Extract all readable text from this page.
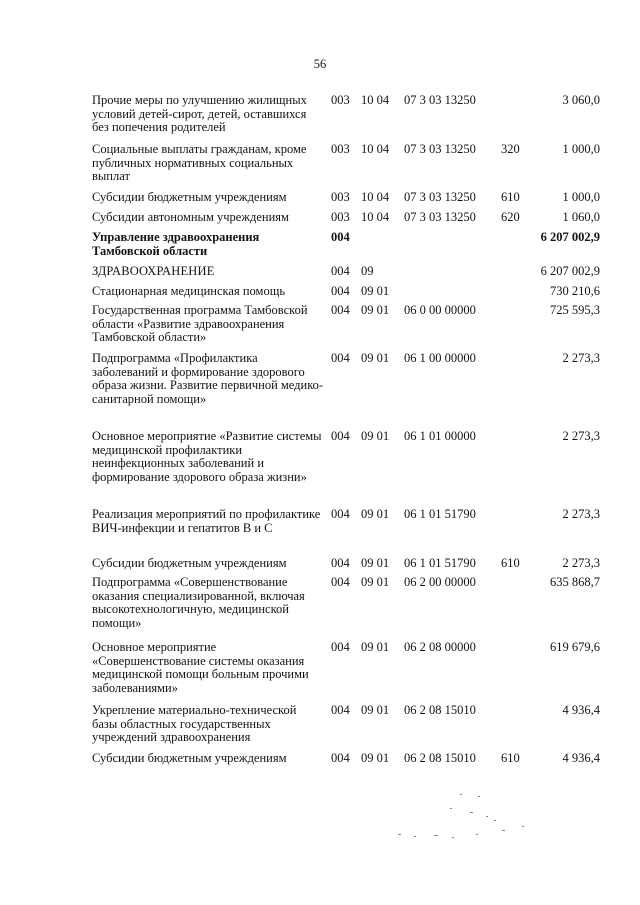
56
Прочие меры по улучшению жилищных условий детей-сирот, детей, оставшихся без попечения родителей
003 10 04 07 3 03 13250	3 060,0
Социальные выплаты гражданам, кроме публичных нормативных социальных выплат
003 10 04 07 3 03 13250 320	1 000,0
Субсидии бюджетным учреждениям	003 10 04 07 3 03 13250 610	1 000,0
Субсидии автономным учреждениям	003 10 04 07 3 03 13250 620	1 060,0
Управление здравоохранения Тамбовской области
004	6 207 002,9
ЗДРАВООХРАНЕНИЕ	004 09	6 207 002,9
Стационарная медицинская помощь	004 09 01	730 210,6
Государственная программа Тамбовской области «Развитие здравоохранения Тамбовской области»
004 09 01 06 0 00 00000	725 595,3
Подпрограмма «Профилактика заболеваний и формирование здорового образа жизни. Развитие первичной медико-санитарной помощи»
004 09 01 06 1 00 00000	2 273,3
Основное мероприятие «Развитие системы медицинской профилактики неинфекционных заболеваний и формирование здорового образа жизни»
004 09 01 06 1 01 00000	2 273,3
Реализация мероприятий по профилактике ВИЧ-инфекции и гепатитов В и С
004 09 01 06 1 01 51790	2 273,3
Субсидии бюджетным учреждениям	004 09 01 06 1 01 51790 610	2 273,3
Подпрограмма «Совершенствование оказания специализированной, включая высокотехнологичную, медицинской помощи»
004 09 01 06 2 00 00000	635 868,7
Основное мероприятие «Совершенствование системы оказания медицинской помощи больным прочими заболеваниями»
004 09 01 06 2 08 00000	619 679,6
Укрепление материально-технической базы областных государственных учреждений здравоохранения
004 09 01 06 2 08 15010	4 936,4
Субсидии бюджетным учреждениям	004 09 01 06 2 08 15010 610	4 936,4
